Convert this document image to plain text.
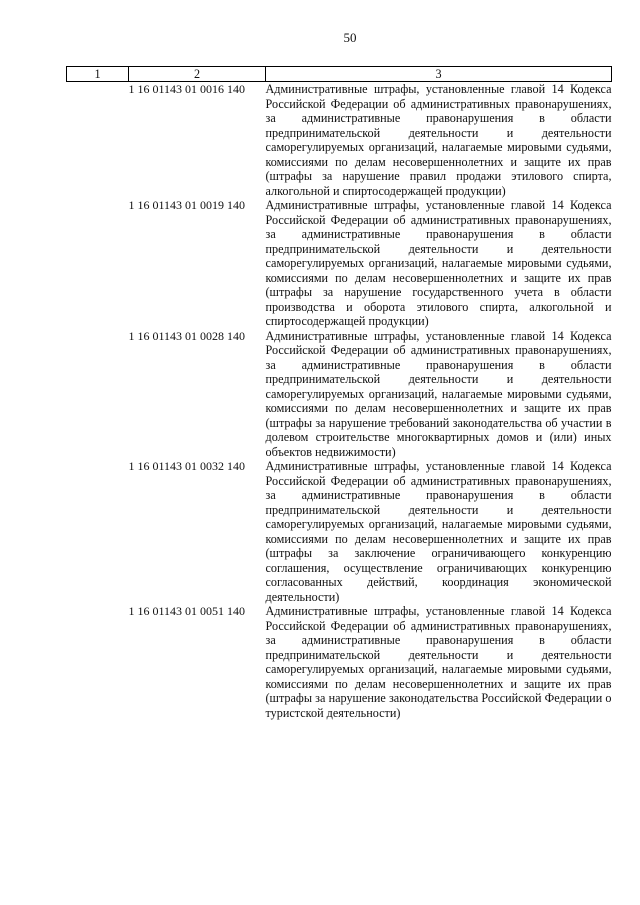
50
1	2	3
	1 16 01143 01 0016 140	Административные штрафы, установленные главой 14 Кодекса Российской Федерации об административных правонарушениях, за административные правонарушения в области предпринимательской деятельности и деятельности саморегулируемых организаций, налагаемые мировыми судьями, комиссиями по делам несовершеннолетних и защите их прав (штрафы за нарушение правил продажи этилового спирта, алкогольной и спиртосодержащей продукции)
	1 16 01143 01 0019 140	Административные штрафы, установленные главой 14 Кодекса Российской Федерации об административных правонарушениях, за административные правонарушения в области предпринимательской деятельности и деятельности саморегулируемых организаций, налагаемые мировыми судьями, комиссиями по делам несовершеннолетних и защите их прав (штрафы за нарушение государственного учета в области производства и оборота этилового спирта, алкогольной и спиртосодержащей продукции)
	1 16 01143 01 0028 140	Административные штрафы, установленные главой 14 Кодекса Российской Федерации об административных правонарушениях, за административные правонарушения в области предпринимательской деятельности и деятельности саморегулируемых организаций, налагаемые мировыми судьями, комиссиями по делам несовершеннолетних и защите их прав (штрафы за нарушение требований законодательства об участии в долевом строительстве многоквартирных домов и (или) иных объектов недвижимости)
	1 16 01143 01 0032 140	Административные штрафы, установленные главой 14 Кодекса Российской Федерации об административных правонарушениях, за административные правонарушения в области предпринимательской деятельности и деятельности саморегулируемых организаций, налагаемые мировыми судьями, комиссиями по делам несовершеннолетних и защите их прав (штрафы за заключение ограничивающего конкуренцию соглашения, осуществление ограничивающих конкуренцию согласованных действий, координация экономической деятельности)
	1 16 01143 01 0051 140	Административные штрафы, установленные главой 14 Кодекса Российской Федерации об административных правонарушениях, за административные правонарушения в области предпринимательской деятельности и деятельности саморегулируемых организаций, налагаемые мировыми судьями, комиссиями по делам несовершеннолетних и защите их прав (штрафы за нарушение законодательства Российской Федерации о туристской деятельности)
